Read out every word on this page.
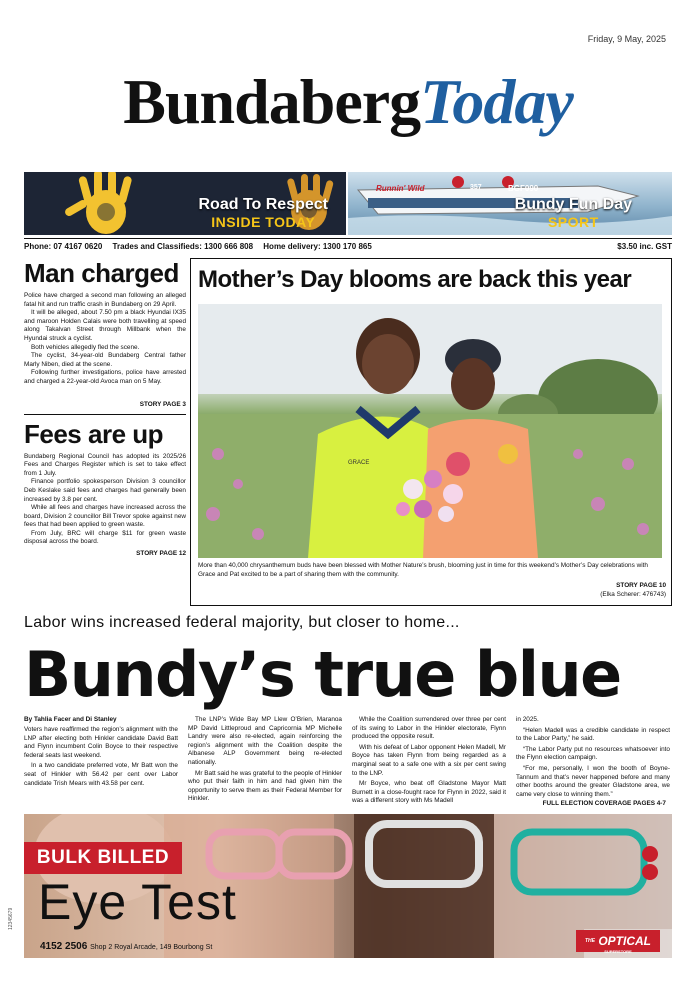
Friday, 9 May, 2025
BundabergToday
Road To Respect
INSIDE TODAY
Runnin' Wild	357	BGF090
Bundy Fun Day
SPORT
Phone: 07 4167 0620 Trades and Classifieds: 1300 666 808 Home delivery: 1300 170 865	$3.50 inc. GST
Man charged

Police have charged a second man following an alleged fatal hit and run traffic crash in Bundaberg on 29 April.

It will be alleged, about 7.50 pm a black Hyundai IX35 and maroon Holden Calais were both travelling at speed along Takalvan Street through Millbank when the Hyundai struck a cyclist.

Both vehicles allegedly fled the scene.

The cyclist, 34-year-old Bundaberg Central father Marly Niben, died at the scene.

Following further investigations, police have arrested and charged a 22-year-old Avoca man on 5 May.

STORY PAGE 3
Fees are up

Bundaberg Regional Council has adopted its 2025/26 Fees and Charges Register which is set to take effect from 1 July.

Finance portfolio spokesperson Division 3 councillor Deb Keslake said fees and charges had generally been increased by 3.8 per cent.

While all fees and charges have increased across the board, Division 2 councillor Bill Trevor spoke against new fees that had been applied to green waste.

From July, BRC will charge $11 for green waste disposal across the board.

STORY PAGE 12
Mother’s Day blooms are back this year
GRACE
More than 40,000 chrysanthemum buds have been blessed with Mother Nature’s brush, blooming just in time for this weekend’s Mother’s Day celebrations with Grace and Pat excited to be a part of sharing them with the community.
STORY PAGE 10
(Elka Scherer: 476743)
Labor wins increased federal majority, but closer to home...
Bundy’s true blue
By Tahlia Facer and Di Stanley

Voters have reaffirmed the region’s alignment with the LNP after electing both Hinkler candidate David Batt and Flynn incumbent Colin Boyce to their respective federal seats last weekend.

In a two candidate preferred vote, Mr Batt won the seat of Hinkler with 56.42 per cent over Labor candidate Trish Mears with 43.58 per cent.

The LNP’s Wide Bay MP Llew O’Brien, Maranoa MP David Littleproud and Capricornia MP Michelle Landry were also re-elected, again reinforcing the region’s alignment with the Coalition despite the Albanese ALP Government being re-elected nationally.

Mr Batt said he was grateful to the people of Hinkler who put their faith in him and had given him the opportunity to serve them as their Federal Member for Hinkler.

While the Coalition surrendered over three per cent of its swing to Labor in the Hinkler electorate, Flynn produced the opposite result.

With his defeat of Labor opponent Helen Madell, Mr Boyce has taken Flynn from being regarded as a marginal seat to a safe one with a six per cent swing to the LNP.

Mr Boyce, who beat off Gladstone Mayor Matt Burnett in a close-fought race for Flynn in 2022, said it was a different story with Ms Madell

in 2025.

“Helen Madell was a credible candidate in respect to the Labor Party,” he said.

“The Labor Party put no resources whatsoever into the Flynn election campaign.

“For me, personally, I won the booth of Boyne-Tannum and that’s never happened before and many other booths around the greater Gladstone area, we came very close to winning them.”

FULL ELECTION COVERAGE PAGES 4-7
BULK BILLED
Eye Test
4152 2506 Shop 2 Royal Arcade, 149 Bourbong St
$^{THE}$ OPTICAL
SUPERSTORE
12345679
